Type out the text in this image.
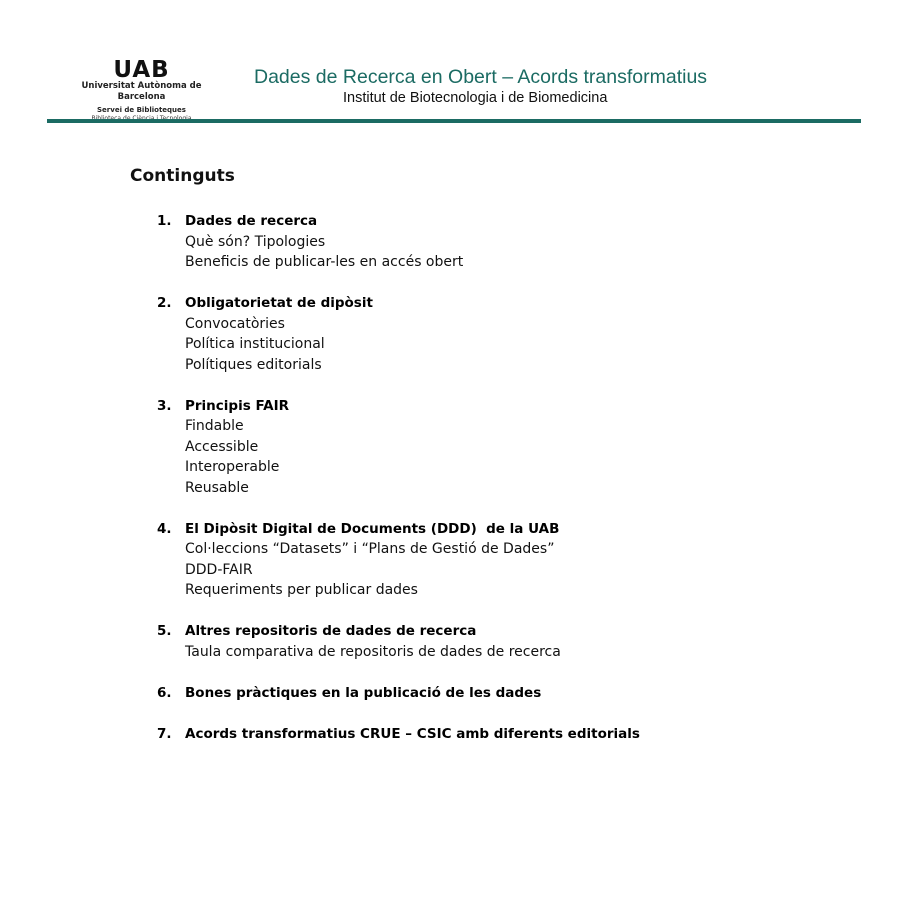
UAB
Universitat Autònoma de Barcelona
Servei de Biblioteques
Dades de Recerca en Obert – Acords transformatius
Institut de Biotecnologia i de Biomedicina
Continguts
1. Dades de recerca
Què són? Tipologies
Beneficis de publicar-les en accés obert
2. Obligatorietat de dipòsit
Convocatòries
Política institucional
Polítiques editorials
3. Principis FAIR
Findable
Accessible
Interoperable
Reusable
4. El Dipòsit Digital de Documents (DDD)  de la UAB
Col·leccions “Datasets” i “Plans de Gestió de Dades”
DDD-FAIR
Requeriments per publicar dades
5. Altres repositoris de dades de recerca
Taula comparativa de repositoris de dades de recerca
6. Bones pràctiques en la publicació de les dades
7. Acords transformatius CRUE – CSIC amb diferents editorials
